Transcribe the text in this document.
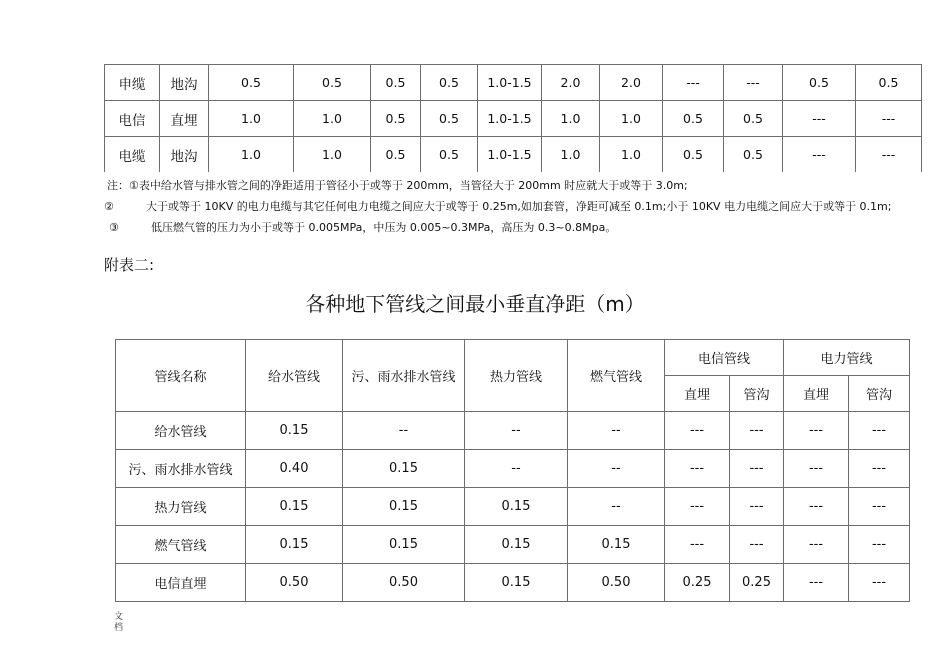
申缆	地沟	0.5	0.5	0.5	0.5	1.0-1.5	2.0	2.0	---	---	0.5	0.5
电信	直埋	1.0	1.0	0.5	0.5	1.0-1.5	1.0	1.0	0.5	0.5	---	---
电缆	地沟	1.0	1.0	0.5	0.5	1.0-1.5	1.0	1.0	0.5	0.5	---	---
注：①表中给水管与排水管之间的净距适用于管径小于或等于 200mm，当管径大于 200mm 时应就大于或等于 3.0m;
②	大于或等于 10KV 的电力电缆与其它任何电力电缆之间应大于或等于 0.25m,如加套管，净距可减至 0.1m;小于 10KV 电力电缆之间应大于或等于 0.1m;
③	低压燃气管的压力为小于或等于 0.005MPa，中压为 0.005~0.3MPa，高压为 0.3~0.8Mpa。
附表二:
各种地下管线之间最小垂直净距（m）
管线名称	给水管线	污、雨水排水管线	热力管线	燃气管线	电信管线		电力管线	
					直埋	管沟	直埋	管沟
给水管线	0.15	--	--	--	---	---	---	---
污、雨水排水管线	0.40	0.15	--	--	---	---	---	---
热力管线	0.15	0.15	0.15	--	---	---	---	---
燃气管线	0.15	0.15	0.15	0.15	---	---	---	---
电信直埋	0.50	0.50	0.15	0.50	0.25	0.25	---	---
文
档
